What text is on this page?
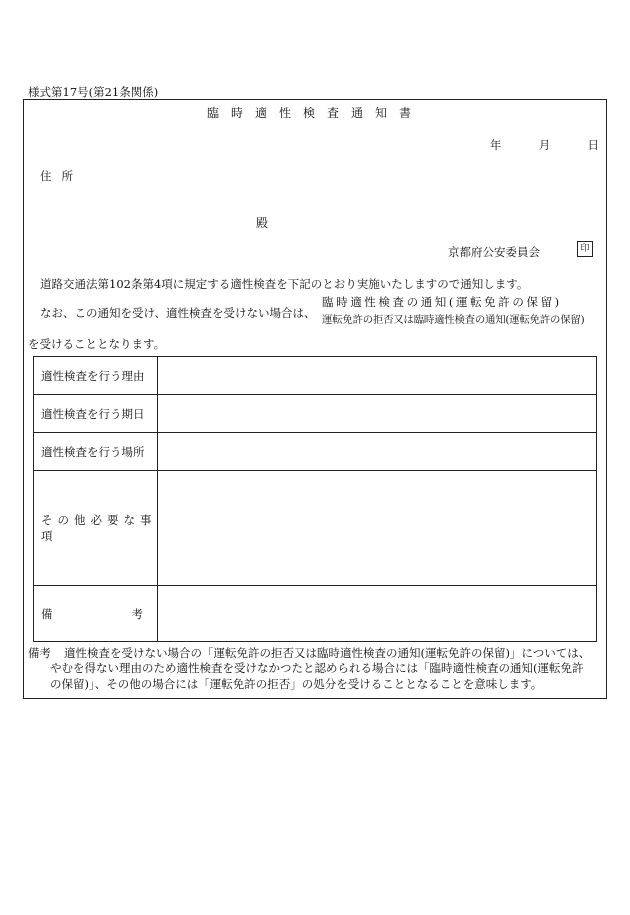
様式第17号(第21条関係)
臨時適性検査通知書
年	月	日
住所
殿
京都府公安委員会	印
道路交通法第102条第4項に規定する適性検査を下記のとおり実施いたしますので通知します。
なお、この通知を受け、適性検査を受けない場合は、
臨時適性検査の通知(運転免許の保留)
運転免許の拒否又は臨時適性検査の通知(運転免許の保留)
を受けることとなります。
適性検査を行う理由
適性検査を行う期日
適性検査を行う場所
その他必要な事項
備	考
備考 適性検査を受けない場合の「運転免許の拒否又は臨時適性検査の通知(運転免許の保留)」については、
やむを得ない理由のため適性検査を受けなかつたと認められる場合には「臨時適性検査の通知(運転免許
の保留)」、その他の場合には「運転免許の拒否」の処分を受けることとなることを意味します。
